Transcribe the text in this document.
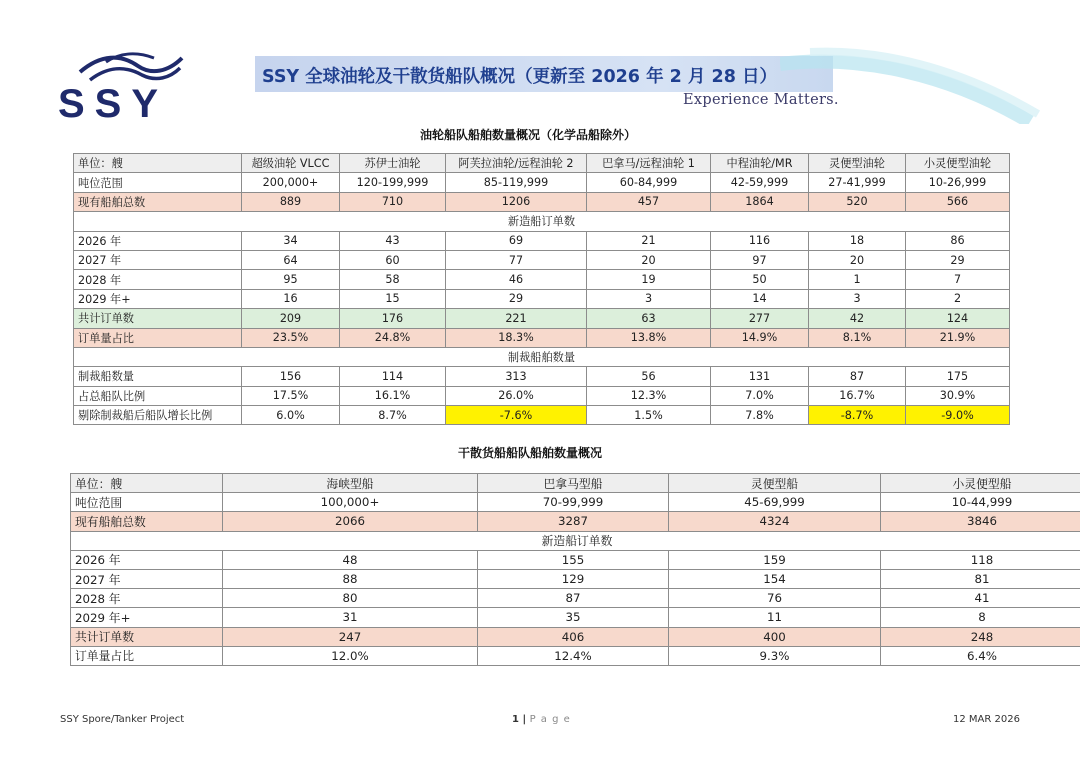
SSY
SSY 全球油轮及干散货船队概况（更新至 2026 年 2 月 28 日）
Experience Matters.
油轮船队船舶数量概况（化学品船除外）
单位：艘	超级油轮 VLCC	苏伊士油轮	阿芙拉油轮/远程油轮 2	巴拿马/远程油轮 1	中程油轮/MR	灵便型油轮	小灵便型油轮
吨位范围	200,000+	120-199,999	85-119,999	60-84,999	42-59,999	27-41,999	10-26,999
现有船舶总数	889	710	1206	457	1864	520	566
新造船订单数							
2026 年	34	43	69	21	116	18	86
2027 年	64	60	77	20	97	20	29
2028 年	95	58	46	19	50	1	7
2029 年+	16	15	29	3	14	3	2
共计订单数	209	176	221	63	277	42	124
订单量占比	23.5%	24.8%	18.3%	13.8%	14.9%	8.1%	21.9%
制裁船舶数量							
制裁船数量	156	114	313	56	131	87	175
占总船队比例	17.5%	16.1%	26.0%	12.3%	7.0%	16.7%	30.9%
剔除制裁船后船队增长比例	6.0%	8.7%	-7.6%	1.5%	7.8%	-8.7%	-9.0%
干散货船船队船舶数量概况
单位：艘	海峡型船	巴拿马型船	灵便型船	小灵便型船
吨位范围	100,000+	70-99,999	45-69,999	10-44,999
现有船舶总数	2066	3287	4324	3846
新造船订单数				
2026 年	48	155	159	118
2027 年	88	129	154	81
2028 年	80	87	76	41
2029 年+	31	35	11	8
共计订单数	247	406	400	248
订单量占比	12.0%	12.4%	9.3%	6.4%
SSY Spore/Tanker Project	1 | P a g e	12 MAR 2026
